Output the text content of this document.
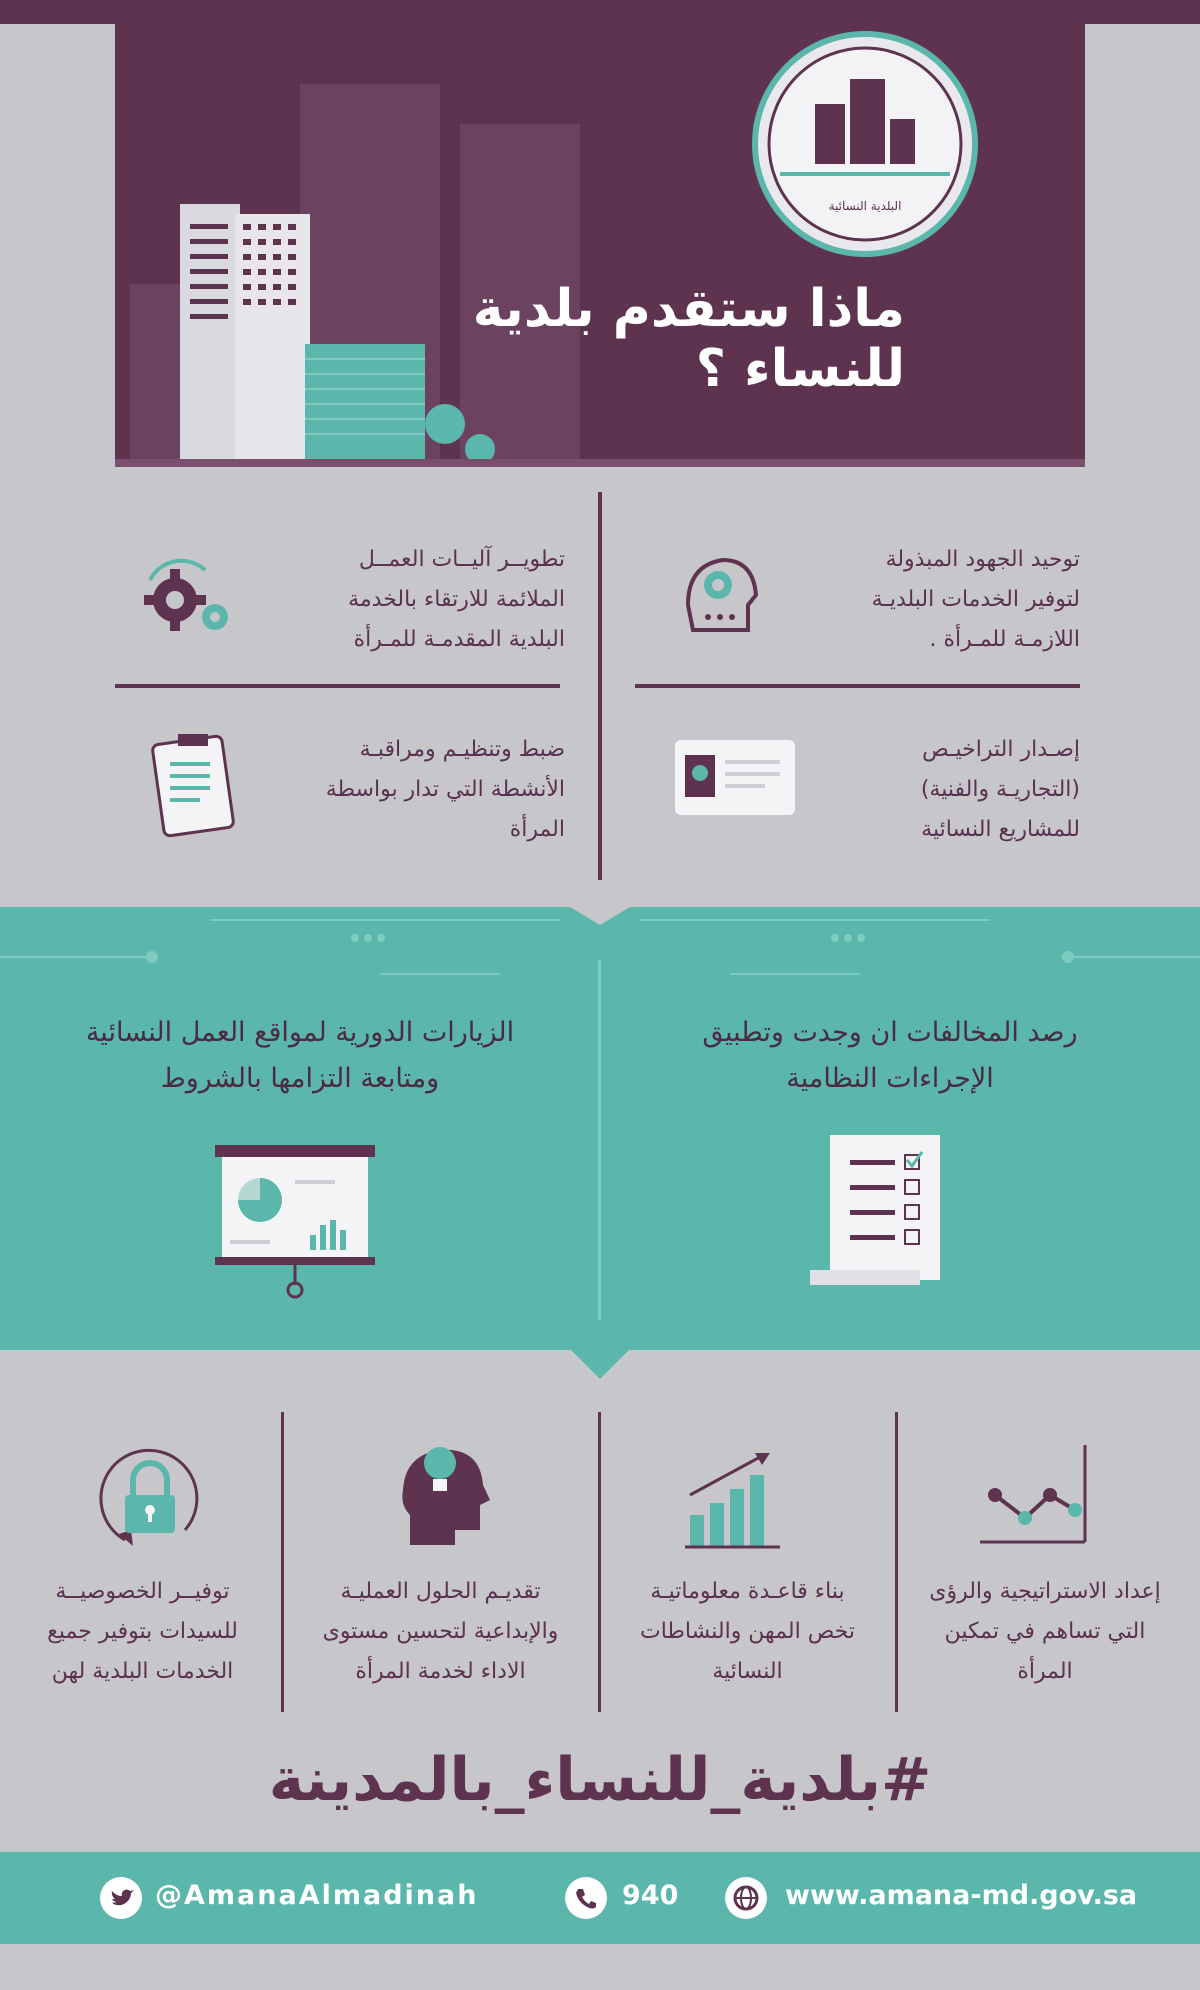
البلدية النسائية
ماذا ستقدم بلدية للنساء ؟
توحيد الجهود المبذولة
لتوفير الخدمات البلديـة
اللازمـة للمـرأة .
تطويــر آليــات العمــل
الملائمة للارتقاء بالخدمة
البلدية المقدمـة للمـرأة
إصـدار التراخيـص
(التجاريـة والفنية)
للمشاريع النسائية
ضبط وتنظيـم ومراقبـة
الأنشطة التي تدار بواسطة
المرأة
رصد المخالفات ان وجدت وتطبيق
الإجراءات النظامية
الزيارات الدورية لمواقع العمل النسائية
ومتابعة التزامها بالشروط
إعداد الاستراتيجية والرؤى
التي تساهم في تمكين
المرأة
بناء قاعـدة معلوماتيـة
تخص المهن والنشاطات
النسائية
تقديـم الحلول العمليـة
والإبداعية لتحسين مستوى
الاداء لخدمة المرأة
توفيــر الخصوصيــة
للسيدات بتوفير جميع
الخدمات البلدية لهن
#بلدية_للنساء_بالمدينة
@AmanaAlmadinah	940	www.amana-md.gov.sa
